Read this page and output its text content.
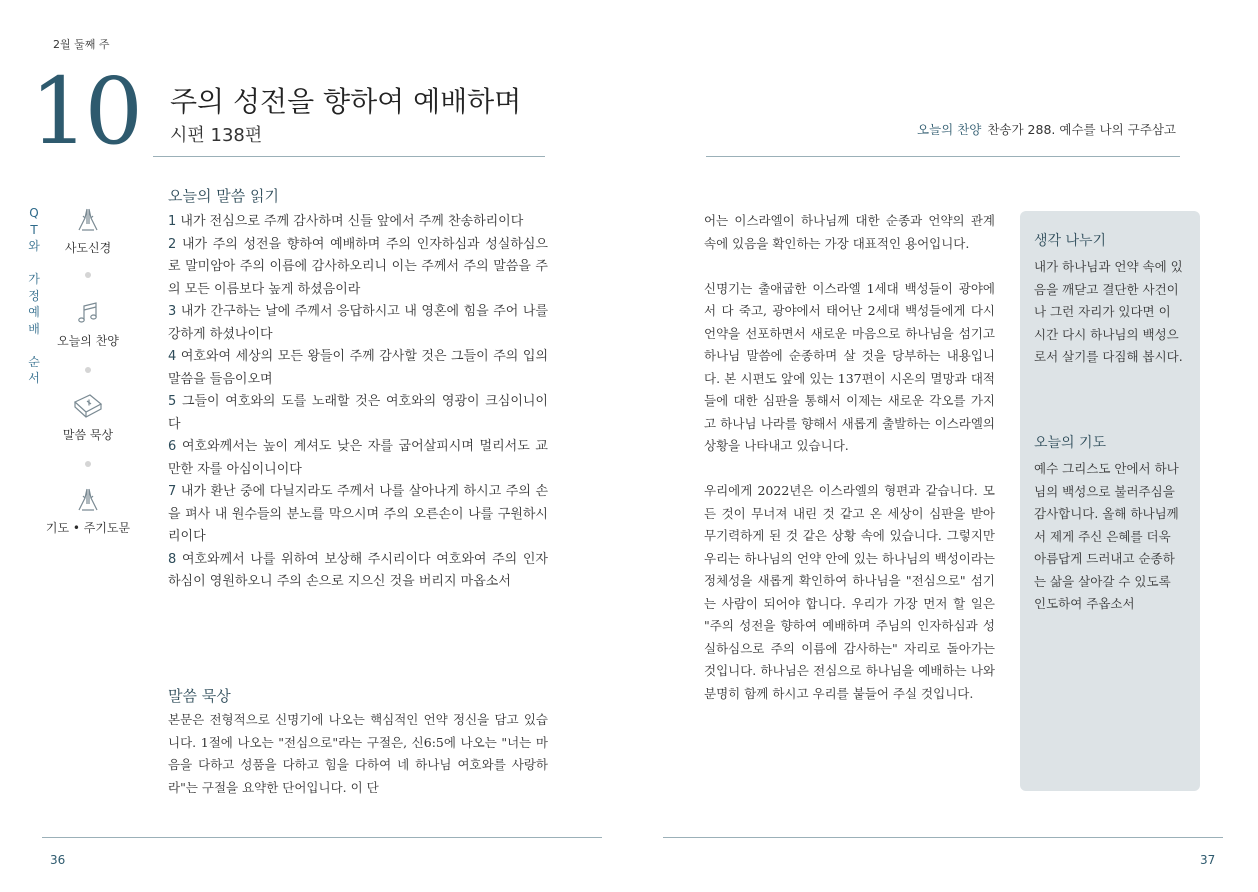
2월 둘째 주
10 주의 성전을 향하여 예배하며
시편 138편
Q
T
와

가
정
예
배

순
서
사도신경
오늘의 찬양
말씀 묵상
기도 • 주기도문
오늘의 말씀 읽기
1 내가 전심으로 주께 감사하며 신들 앞에서 주께 찬송하리이다
2 내가 주의 성전을 향하여 예배하며 주의 인자하심과 성실하심으로 말미암아 주의 이름에 감사하오리니 이는 주께서 주의 말씀을 주의 모든 이름보다 높게 하셨음이라
3 내가 간구하는 날에 주께서 응답하시고 내 영혼에 힘을 주어 나를 강하게 하셨나이다
4 여호와여 세상의 모든 왕들이 주께 감사할 것은 그들이 주의 입의 말씀을 들음이오며
5 그들이 여호와의 도를 노래할 것은 여호와의 영광이 크심이니이다
6 여호와께서는 높이 계셔도 낮은 자를 굽어살피시며 멀리서도 교만한 자를 아심이니이다
7 내가 환난 중에 다닐지라도 주께서 나를 살아나게 하시고 주의 손을 펴사 내 원수들의 분노를 막으시며 주의 오른손이 나를 구원하시리이다
8 여호와께서 나를 위하여 보상해 주시리이다 여호와여 주의 인자하심이 영원하오니 주의 손으로 지으신 것을 버리지 마옵소서
말씀 묵상
본문은 전형적으로 신명기에 나오는 핵심적인 언약 정신을 담고 있습니다. 1절에 나오는 "전심으로"라는 구절은, 신6:5에 나오는 "너는 마음을 다하고 성품을 다하고 힘을 다하여 네 하나님 여호와를 사랑하라"는 구절을 요약한 단어입니다. 이 단
36
오늘의 찬양 찬송가 288. 예수를 나의 구주삼고

어는 이스라엘이 하나님께 대한 순종과 언약의 관계 속에 있음을 확인하는 가장 대표적인 용어입니다.

신명기는 출애굽한 이스라엘 1세대 백성들이 광야에서 다 죽고, 광야에서 태어난 2세대 백성들에게 다시 언약을 선포하면서 새로운 마음으로 하나님을 섬기고 하나님 말씀에 순종하며 살 것을 당부하는 내용입니다. 본 시편도 앞에 있는 137편이 시온의 멸망과 대적들에 대한 심판을 통해서 이제는 새로운 각오를 가지고 하나님 나라를 향해서 새롭게 출발하는 이스라엘의 상황을 나타내고 있습니다.

우리에게 2022년은 이스라엘의 형편과 같습니다. 모든 것이 무너져 내린 것 같고 온 세상이 심판을 받아 무기력하게 된 것 같은 상황 속에 있습니다. 그렇지만 우리는 하나님의 언약 안에 있는 하나님의 백성이라는 정체성을 새롭게 확인하여 하나님을 "전심으로" 섬기는 사람이 되어야 합니다. 우리가 가장 먼저 할 일은 "주의 성전을 향하여 예배하며 주님의 인자하심과 성실하심으로 주의 이름에 감사하는" 자리로 돌아가는 것입니다. 하나님은 전심으로 하나님을 예배하는 나와 분명히 함께 하시고 우리를 붙들어 주실 것입니다.

생각 나누기
내가 하나님과 언약 속에 있음을 깨닫고 결단한 사건이나 그런 자리가 있다면 이 시간 다시 하나님의 백성으로서 살기를 다짐해 봅시다.
오늘의 기도
예수 그리스도 안에서 하나님의 백성으로 불러주심을 감사합니다. 올해 하나님께서 제게 주신 은혜를 더욱 아름답게 드러내고 순종하는 삶을 살아갈 수 있도록 인도하여 주옵소서
37
